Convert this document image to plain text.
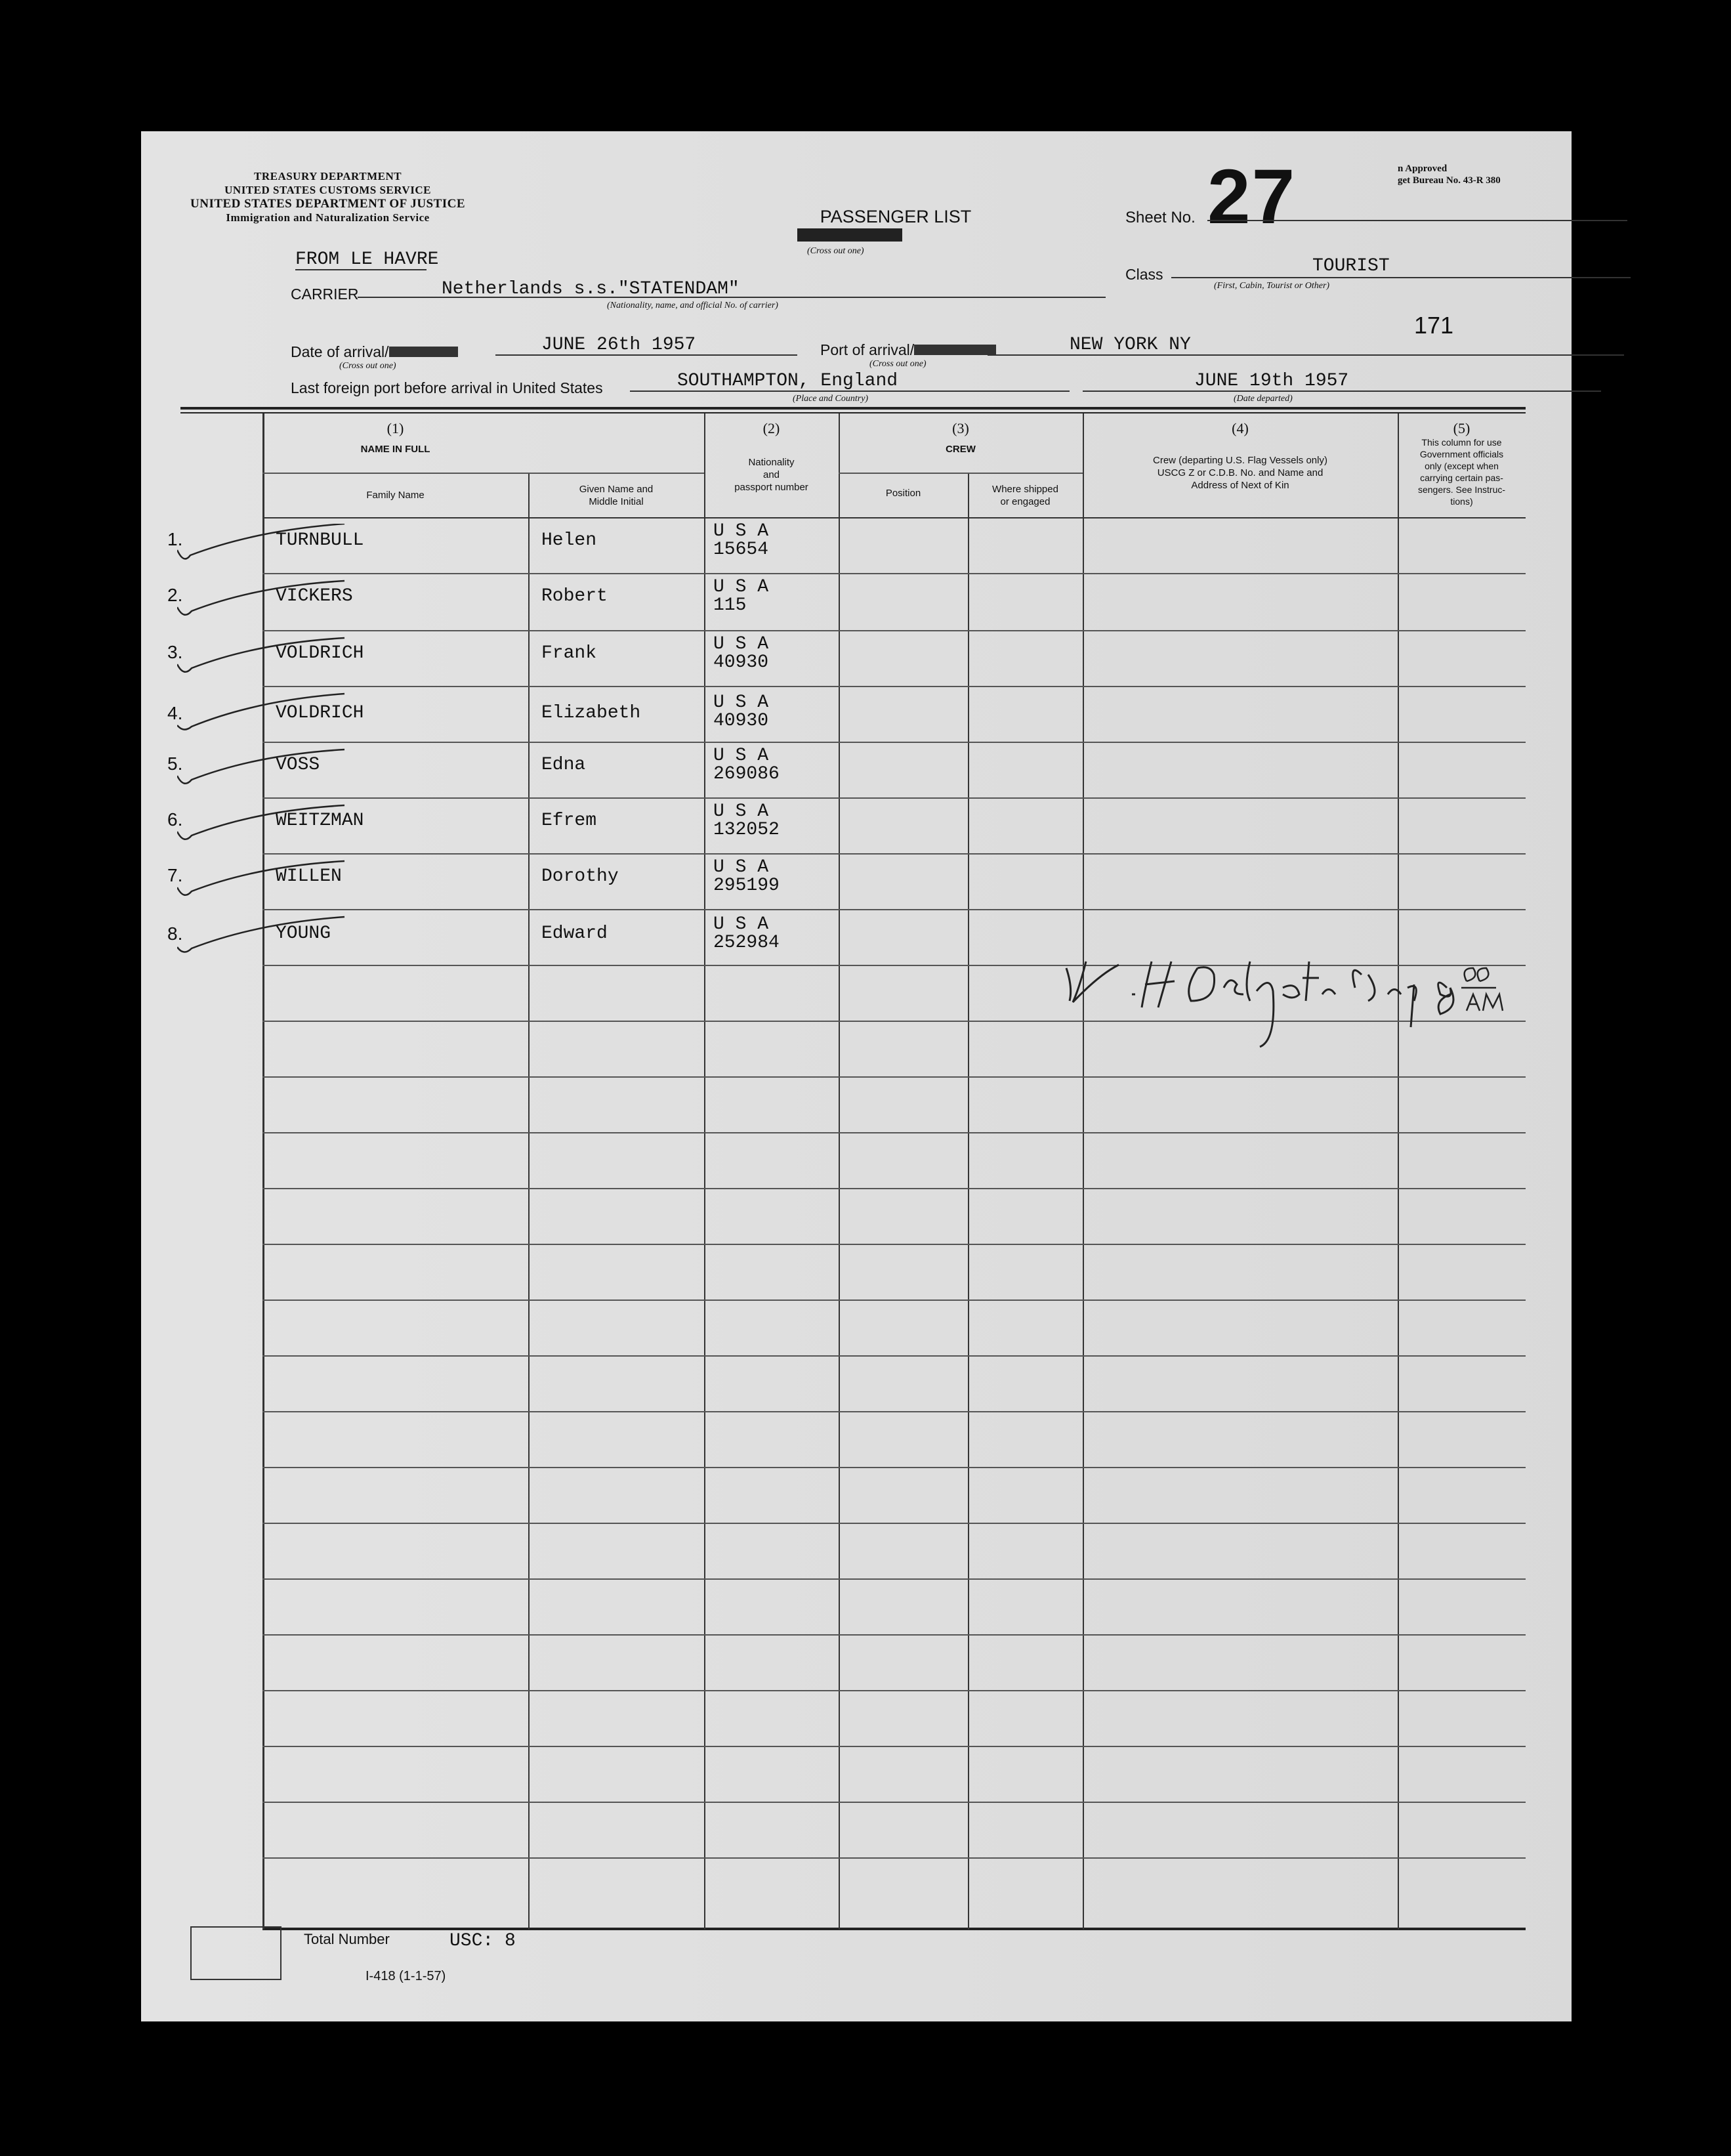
TREASURY DEPARTMENT
UNITED STATES CUSTOMS SERVICE
UNITED STATES DEPARTMENT OF JUSTICE
Immigration and Naturalization Service
n Approved
get Bureau No. 43-R 380
PASSENGER LIST
(Cross out one)
Sheet No. 27
FROM LE HAVRE
CARRIER	Netherlands s.s."STATENDAM"
(Nationality, name, and official No. of carrier)
Class	TOURIST
(First, Cabin, Tourist or Other)
171
Date of arrival/
(Cross out one)
JUNE 26th 1957	Port of arrival/
(Cross out one)
NEW YORK NY
Last foreign port before arrival in United States	SOUTHAMPTON, England
(Place and Country)
JUNE 19th 1957
(Date departed)
(1)
NAME IN FULL
Family Name
Given Name and
Middle Initial
(2)
Nationality
and
passport number
(3)
CREW
Position	Where shipped
or engaged
(4)
Crew (departing U.S. Flag Vessels only)
USCG Z or C.D.B. No. and Name and
Address of Next of Kin
(5)
This column for use
Government officials
only (except when
carrying certain pas-
sengers. See Instruc-
tions)
1.	TURNBULL	Helen	U S A
15654
2.	VICKERS	Robert	U S A
115
3.	VOLDRICH	Frank	U S A
40930
4.	VOLDRICH	Elizabeth
U S A
40930
5.	VOSS	Edna	U S A
269086
6.	WEITZMAN	Efrem	U S A
132052
7.	WILLEN	Dorothy	U S A
295199
8.	YOUNG	Edward	U S A
252984
Total Number	USC: 8
I-418 (1-1-57)
